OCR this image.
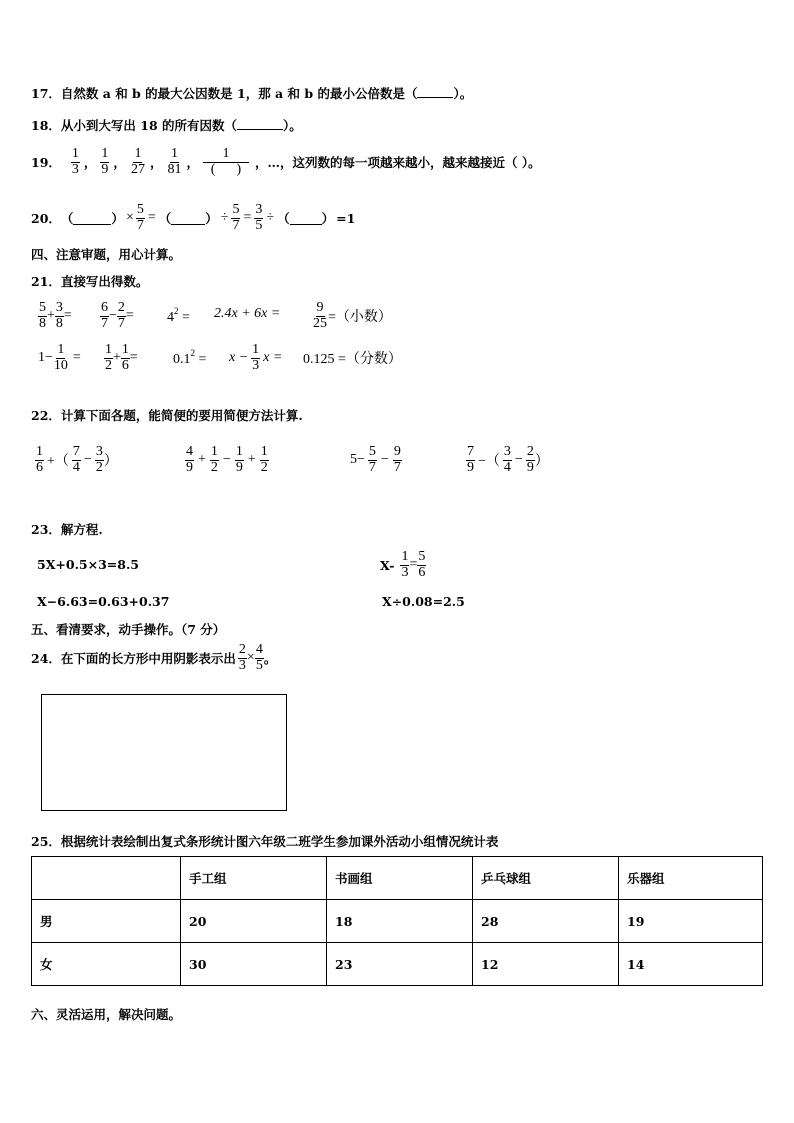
17．自然数 a 和 b 的最大公因数是 1，那 a 和 b 的最小公倍数是（	）。
18．从小到大写出 18 的所有因数（	）。
19． $\frac{1}{3}$ ， $\frac{1}{9}$ ， $\frac{1}{27}$ ， $\frac{1}{81}$ ， $\frac{1}{( )}$ ，…，这列数的每一项越来越小，越来越接近（ ）。
20． （	） × $\frac{5}{7}$ = （	） ÷ $\frac{5}{7} = \frac{3}{5}$ ÷ （	） =1
四、注意审题，用心计算。
21．直接写出得数。
$\frac{5}{8} + \frac{3}{8} = \frac{6}{7} - \frac{2}{7} = 4^2 = 2.4x + 6x = \frac{9}{25}$ =（小数）
$1- \frac{1}{10} = \frac{1}{2} + \frac{1}{6}$ =	$0.1^2 = x - \frac{1}{3}$ x = 0.125 =（分数）
22．计算下面各题，能简便的要用简便方法计算.
$\frac{1}{6}$ +（ $\frac{7}{4} - \frac{3}{2}$ ）	$\frac{4}{9} + \frac{1}{2} - \frac{1}{9} + \frac{1}{2}$	$5- \frac{5}{7} - \frac{9}{7}$	$\frac{7}{9}$ −（ $\frac{3}{4} - \frac{2}{9}$ ）
23．解方程.
5X+0.5×3=8.5	$X- \frac{1}{3} = \frac{5}{6}$
X−6.63=0.63+0.37	X÷0.08=2.5
五、看清要求，动手操作。（7 分）
24．在下面的长方形中用阴影表示出 $\frac{2}{3} \times \frac{4}{5}$ 。
25．根据统计表绘制出复式条形统计图六年级二班学生参加课外活动小组情况统计表
	手工组	书画组	乒乓球组	乐器组
男	20	18	28	19
女	30	23	12	14
六、灵活运用，解决问题。
